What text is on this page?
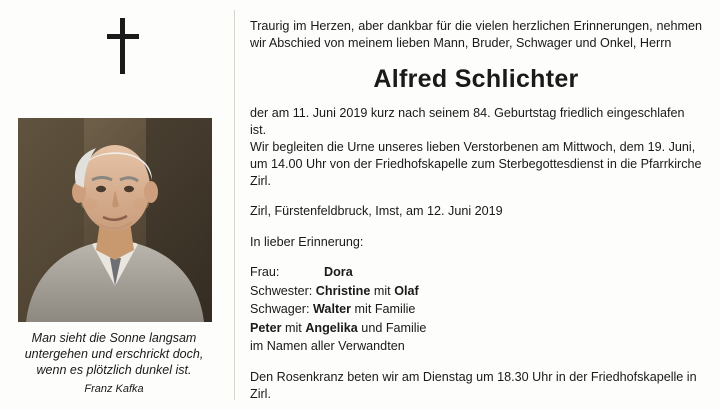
Man sieht die Sonne langsam
untergehen und erschrickt doch,
wenn es plötzlich dunkel ist.
Franz Kafka
Traurig im Herzen, aber dankbar für die vielen herzlichen Erinnerungen, nehmen wir Abschied von meinem lieben Mann, Bruder, Schwager und Onkel, Herrn
Alfred Schlichter

der am 11. Juni 2019 kurz nach seinem 84. Geburtstag friedlich eingeschlafen ist.

Wir begleiten die Urne unseres lieben Verstorbenen am Mittwoch, dem 19. Juni, um 14.00 Uhr von der Friedhofskapelle zum Sterbegottesdienst in die Pfarrkirche Zirl.

Zirl, Fürstenfeldbruck, Imst, am 12. Juni 2019
In lieber Erinnerung:
Frau:	Dora
Schwester: Christine mit Olaf
Schwager: Walter mit Familie
Peter mit Angelika und Familie
im Namen aller Verwandten
Den Rosenkranz beten wir am Dienstag um 18.30 Uhr in der Friedhofskapelle in Zirl.
